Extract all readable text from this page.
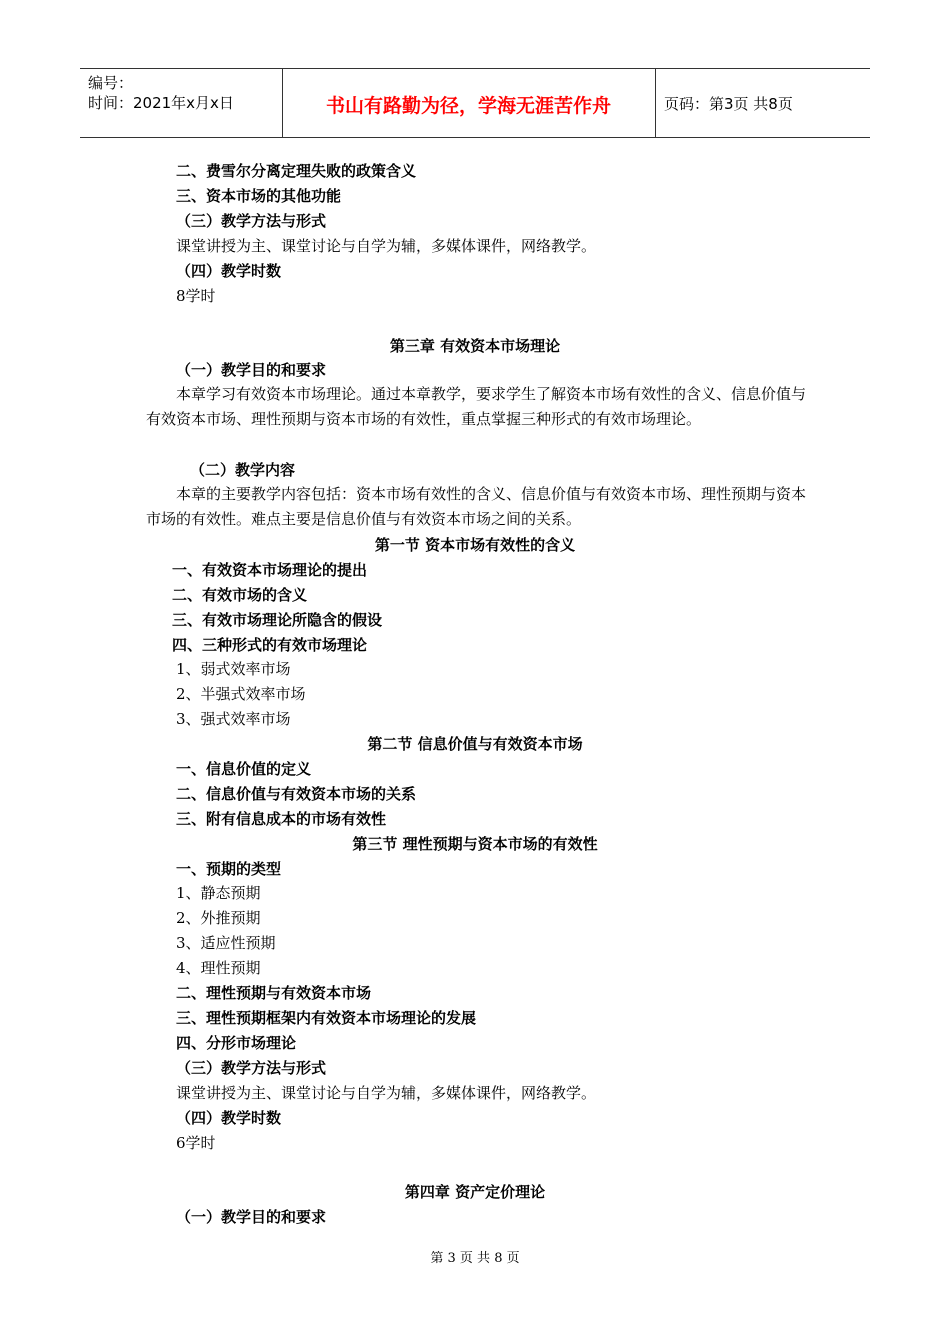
编号：
时间：2021年x月x日	书山有路勤为径，学海无涯苦作舟	页码：第3页 共8页
二、费雪尔分离定理失败的政策含义
三、资本市场的其他功能
（三）教学方法与形式
课堂讲授为主、课堂讨论与自学为辅，多媒体课件，网络教学。
（四）教学时数
8学时
第三章 有效资本市场理论
（一）教学目的和要求
本章学习有效资本市场理论。通过本章教学，要求学生了解资本市场有效性的含义、信息价值与有效资本市场、理性预期与资本市场的有效性，重点掌握三种形式的有效市场理论。
（二）教学内容
本章的主要教学内容包括：资本市场有效性的含义、信息价值与有效资本市场、理性预期与资本市场的有效性。难点主要是信息价值与有效资本市场之间的关系。
第一节 资本市场有效性的含义
一、有效资本市场理论的提出
二、有效市场的含义
三、有效市场理论所隐含的假设
四、三种形式的有效市场理论
1、弱式效率市场
2、半强式效率市场
3、强式效率市场
第二节 信息价值与有效资本市场
一、信息价值的定义
二、信息价值与有效资本市场的关系
三、附有信息成本的市场有效性
第三节 理性预期与资本市场的有效性
一、预期的类型
1、静态预期
2、外推预期
3、适应性预期
4、理性预期
二、理性预期与有效资本市场
三、理性预期框架内有效资本市场理论的发展
四、分形市场理论
（三）教学方法与形式
课堂讲授为主、课堂讨论与自学为辅，多媒体课件，网络教学。
（四）教学时数
6学时
第四章 资产定价理论
（一）教学目的和要求
第 3 页 共 8 页
